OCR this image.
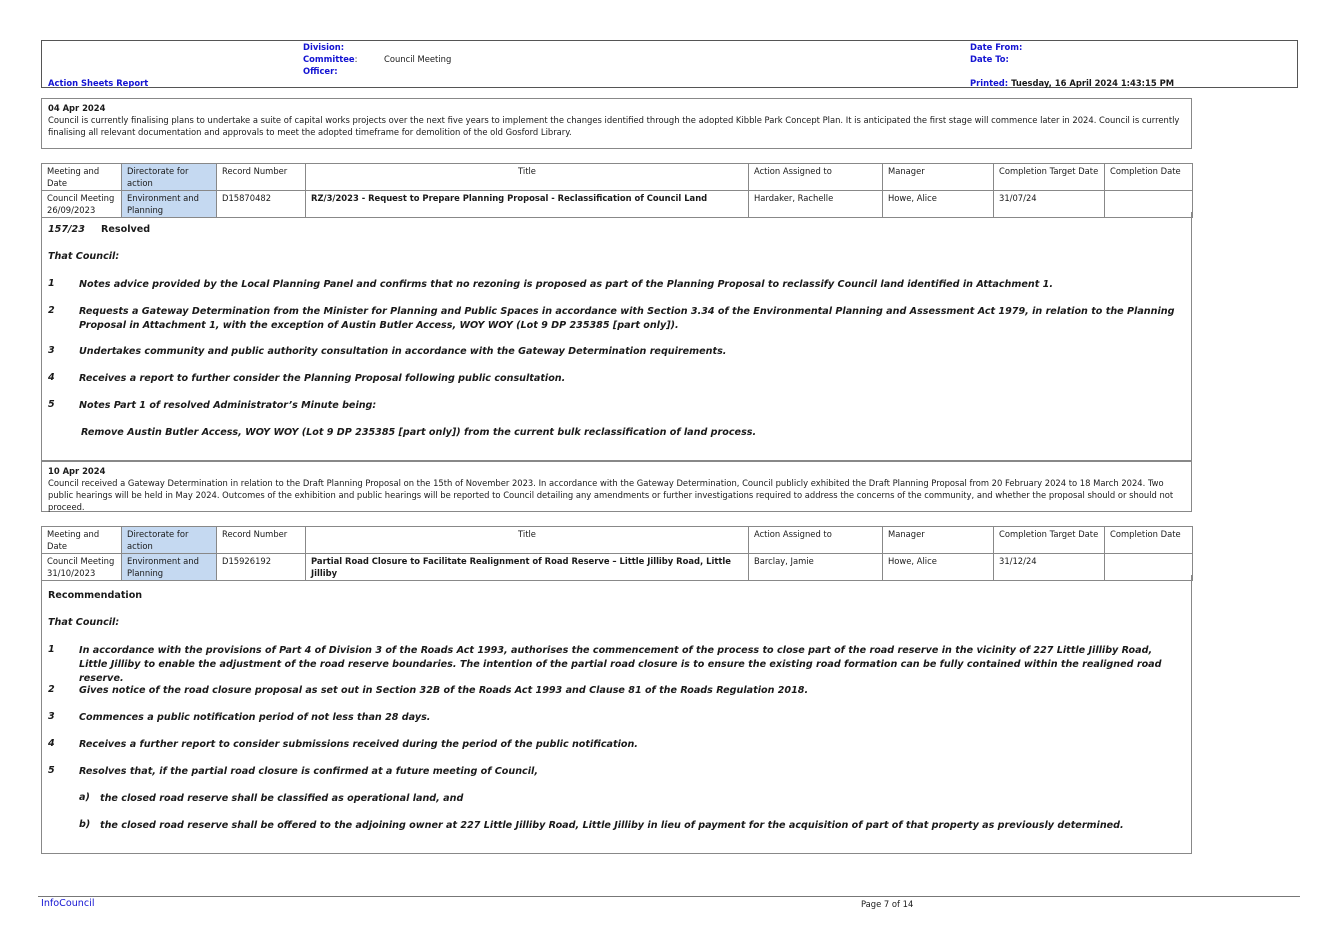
Division:
Committee:	Council Meeting
Officer:
Action Sheets Report
Date From:
Date To:
Printed: Tuesday, 16 April 2024 1:43:15 PM
04 Apr 2024
Council is currently finalising plans to undertake a suite of capital works projects over the next five years to implement the changes identified through the adopted Kibble Park Concept Plan. It is anticipated the first stage will commence later in 2024. Council is currently finalising all relevant documentation and approvals to meet the adopted timeframe for demolition of the old Gosford Library.
Meeting and Date	Directorate for action	Record Number	Title	Action Assigned to	Manager	Completion Target Date	Completion Date
Council Meeting 26/09/2023	Environment and Planning	D15870482	RZ/3/2023 - Request to Prepare Planning Proposal - Reclassification of Council Land	Hardaker, Rachelle	Howe, Alice	31/07/24	
157/23 Resolved
That Council:
1	Notes advice provided by the Local Planning Panel and confirms that no rezoning is proposed as part of the Planning Proposal to reclassify Council land identified in Attachment 1.
2	Requests a Gateway Determination from the Minister for Planning and Public Spaces in accordance with Section 3.34 of the Environmental Planning and Assessment Act 1979, in relation to the Planning Proposal in Attachment 1, with the exception of Austin Butler Access, WOY WOY (Lot 9 DP 235385 [part only]).
3	Undertakes community and public authority consultation in accordance with the Gateway Determination requirements.
4	Receives a report to further consider the Planning Proposal following public consultation.
5	Notes Part 1 of resolved Administrator’s Minute being:
Remove Austin Butler Access, WOY WOY (Lot 9 DP 235385 [part only]) from the current bulk reclassification of land process.
10 Apr 2024
Council received a Gateway Determination in relation to the Draft Planning Proposal on the 15th of November 2023. In accordance with the Gateway Determination, Council publicly exhibited the Draft Planning Proposal from 20 February 2024 to 18 March 2024. Two public hearings will be held in May 2024. Outcomes of the exhibition and public hearings will be reported to Council detailing any amendments or further investigations required to address the concerns of the community, and whether the proposal should or should not proceed.
Meeting and Date	Directorate for action	Record Number	Title	Action Assigned to	Manager	Completion Target Date	Completion Date
Council Meeting 31/10/2023	Environment and Planning	D15926192	Partial Road Closure to Facilitate Realignment of Road Reserve – Little Jilliby Road, Little Jilliby	Barclay, Jamie	Howe, Alice	31/12/24	
Recommendation
That Council:
1	In accordance with the provisions of Part 4 of Division 3 of the Roads Act 1993, authorises the commencement of the process to close part of the road reserve in the vicinity of 227 Little Jilliby Road, Little Jilliby to enable the adjustment of the road reserve boundaries. The intention of the partial road closure is to ensure the existing road formation can be fully contained within the realigned road reserve.
2	Gives notice of the road closure proposal as set out in Section 32B of the Roads Act 1993 and Clause 81 of the Roads Regulation 2018.
3	Commences a public notification period of not less than 28 days.
4	Receives a further report to consider submissions received during the period of the public notification.
5	Resolves that, if the partial road closure is confirmed at a future meeting of Council,
a) the closed road reserve shall be classified as operational land, and
b) the closed road reserve shall be offered to the adjoining owner at 227 Little Jilliby Road, Little Jilliby in lieu of payment for the acquisition of part of that property as previously determined.
InfoCouncil	Page 7 of 14
